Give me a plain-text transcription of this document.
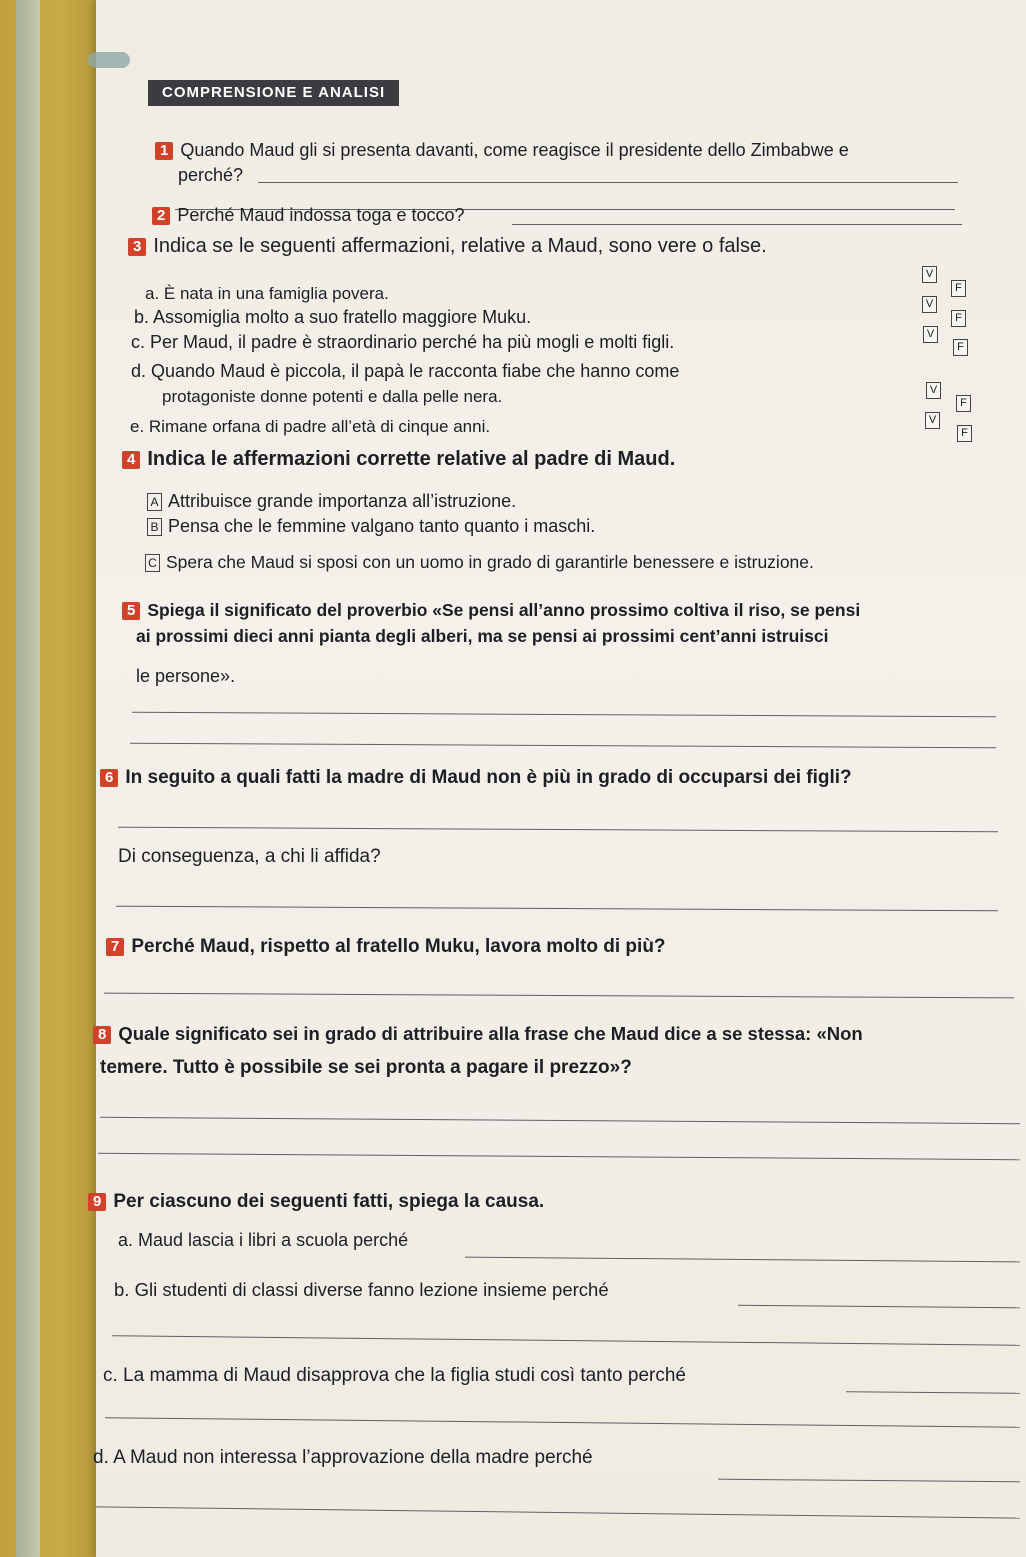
COMPRENSIONE E ANALISI
1 Quando Maud gli si presenta davanti, come reagisce il presidente dello Zimbabwe e
perché?
2 Perché Maud indossa toga e tocco?
3 Indica se le seguenti affermazioni, relative a Maud, sono vere o false.
a. È nata in una famiglia povera.
b. Assomiglia molto a suo fratello maggiore Muku.
c. Per Maud, il padre è straordinario perché ha più mogli e molti figli.
d. Quando Maud è piccola, il papà le racconta fiabe che hanno come
protagoniste donne potenti e dalla pelle nera.
e. Rimane orfana di padre all’età di cinque anni.
V
F
V
F
V
F
V
F
V
F
4 Indica le affermazioni corrette relative al padre di Maud.
A Attribuisce grande importanza all’istruzione.
B Pensa che le femmine valgano tanto quanto i maschi.
C Spera che Maud si sposi con un uomo in grado di garantirle benessere e istruzione.
5 Spiega il significato del proverbio «Se pensi all’anno prossimo coltiva il riso, se pensi
ai prossimi dieci anni pianta degli alberi, ma se pensi ai prossimi cent’anni istruisci
le persone».
6 In seguito a quali fatti la madre di Maud non è più in grado di occuparsi dei figli?
Di conseguenza, a chi li affida?
7 Perché Maud, rispetto al fratello Muku, lavora molto di più?
8 Quale significato sei in grado di attribuire alla frase che Maud dice a se stessa: «Non
temere. Tutto è possibile se sei pronta a pagare il prezzo»?
9 Per ciascuno dei seguenti fatti, spiega la causa.
a. Maud lascia i libri a scuola perché
b. Gli studenti di classi diverse fanno lezione insieme perché
c. La mamma di Maud disapprova che la figlia studi così tanto perché
d. A Maud non interessa l’approvazione della madre perché
